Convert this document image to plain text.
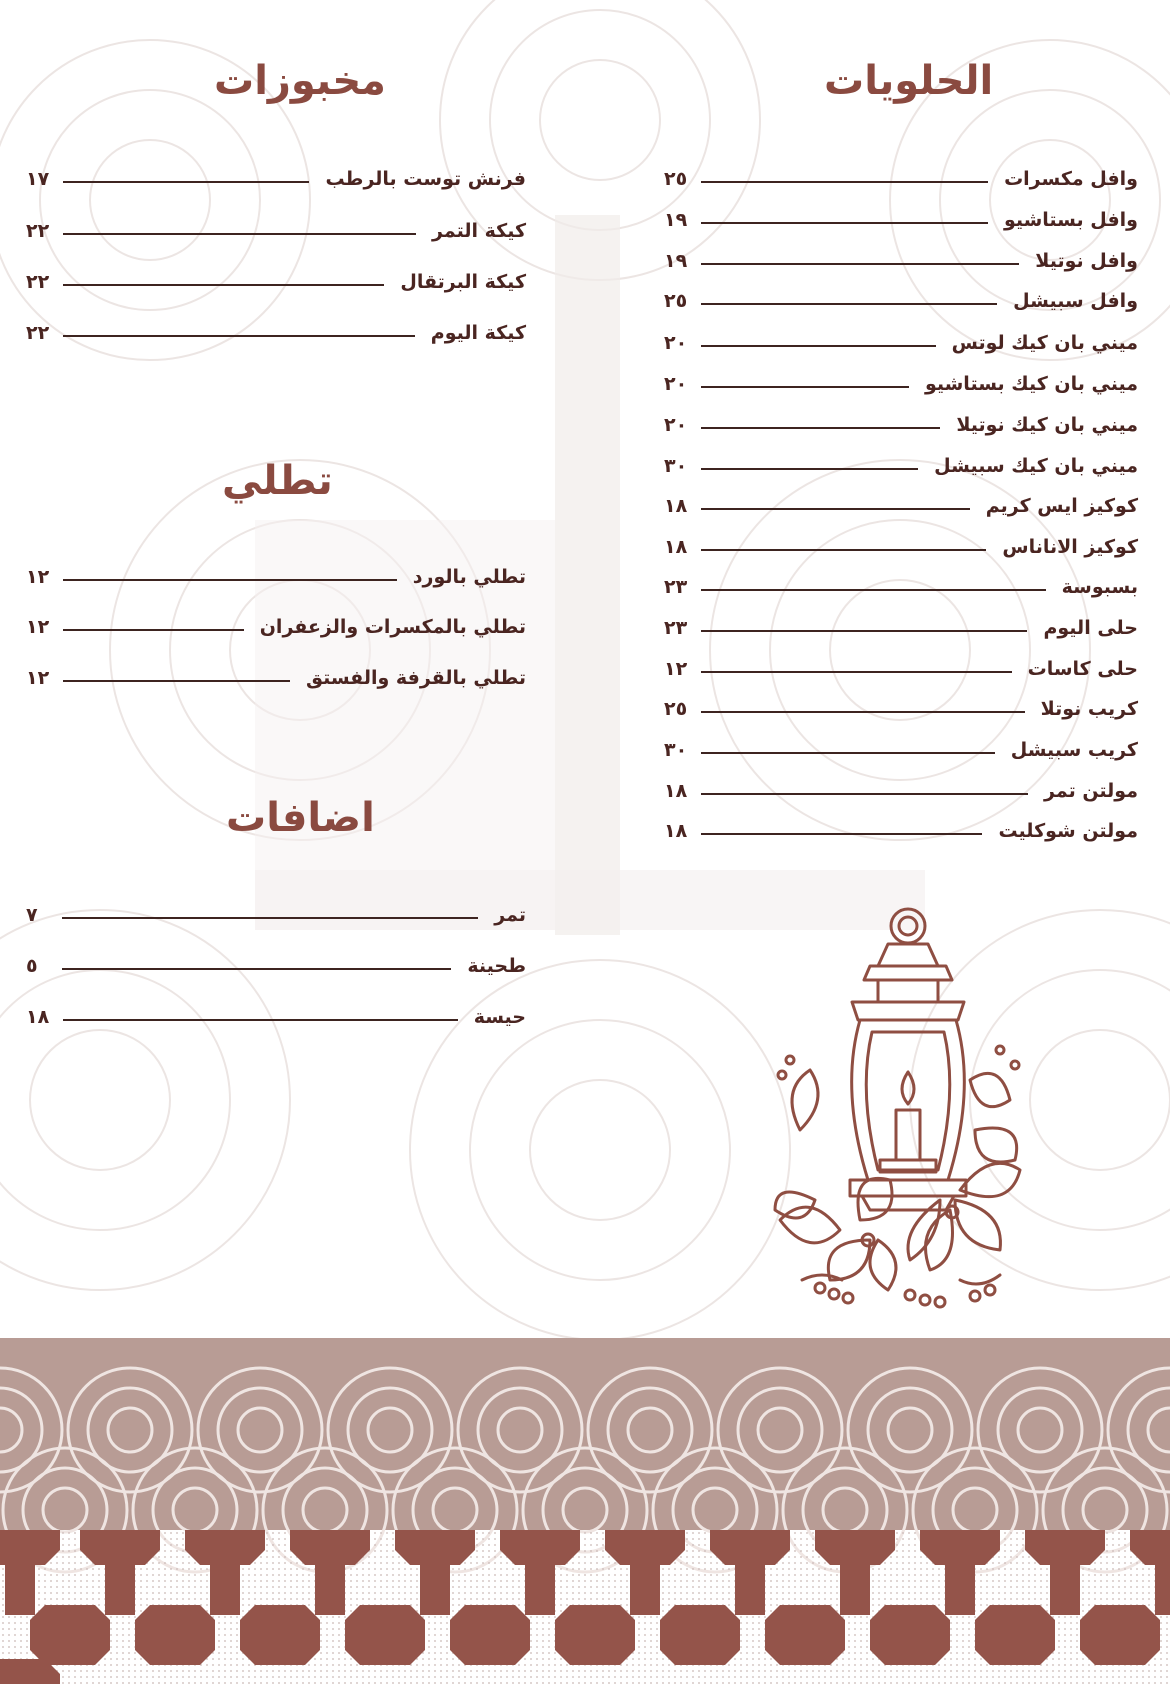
الحلويات
مخبوزات
تطلي
اضافات
وافل مكسرات
٢٥
وافل بستاشيو
١٩
وافل نوتيلا
١٩
وافل سبيشل
٢٥
ميني بان كيك لوتس
٢٠
ميني بان كيك بستاشيو
٢٠
ميني بان كيك نوتيلا
٢٠
ميني بان كيك سبيشل
٣٠
كوكيز ايس كريم
١٨
كوكيز الاناناس
١٨
بسبوسة
٢٣
حلى اليوم
٢٣
حلى كاسات
١٢
كريب نوتلا
٢٥
كريب سبيشل
٣٠
مولتن تمر
١٨
مولتن شوكليت
١٨
فرنش توست بالرطب
١٧
كيكة التمر
٢٢
كيكة البرتقال
٢٢
كيكة اليوم
٢٢
تطلي بالورد
١٢
تطلي بالمكسرات والزعفران
١٢
تطلي بالقرفة والفستق
١٢
تمر
٧
طحينة
٥
حيسة
١٨
